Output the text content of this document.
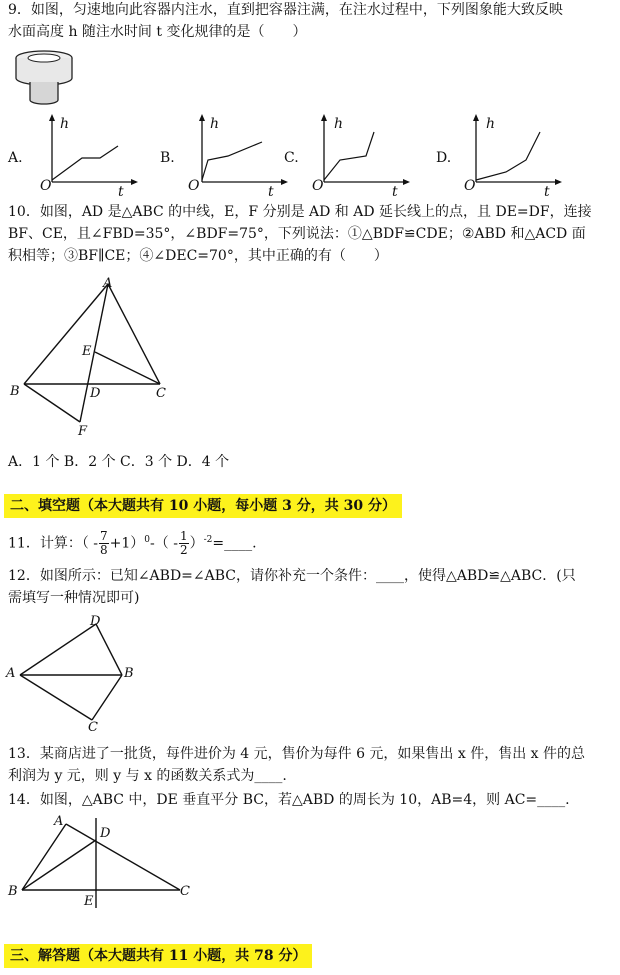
9．如图，匀速地向此容器内注水，直到把容器注满，在注水过程中，下列图象能大致反映
水面高度 h 随注水时间 t 变化规律的是（　　）
A.
h
O	t
B.
h
O	t
C.
h
O	t
D.
h
O	t
10．如图，AD 是△ABC 的中线，E，F 分别是 AD 和 AD 延长线上的点，且 DE=DF，连接
BF、CE，且∠FBD=35°，∠BDF=75°，下列说法：①△BDF≌CDE；②ABD 和△ACD 面
积相等；③BF∥CE；④∠DEC=70°，其中正确的有（　　）
A
E
B	D	C
F
A．1 个 B．2 个 C．3 个 D．4 个
二、填空题（本大题共有 10 小题，每小题 3 分，共 30 分）
11．计算：（ - $\frac{7}{8} +1)^0-( - \frac{1}{2}$ ）$^{-2}$=____.
12．如图所示：已知∠ABD=∠ABC，请你补充一个条件：____，使得△ABD≌△ABC．(只
需填写一种情况即可)
D
A	B
C
13．某商店进了一批货，每件进价为 4 元，售价为每件 6 元，如果售出 x 件，售出 x 件的总
利润为 y 元，则 y 与 x 的函数关系式为____.
14．如图，△ABC 中，DE 垂直平分 BC，若△ABD 的周长为 10，AB=4，则 AC=____.
A
D
B
E
C
三、解答题（本大题共有 11 小题，共 78 分）
